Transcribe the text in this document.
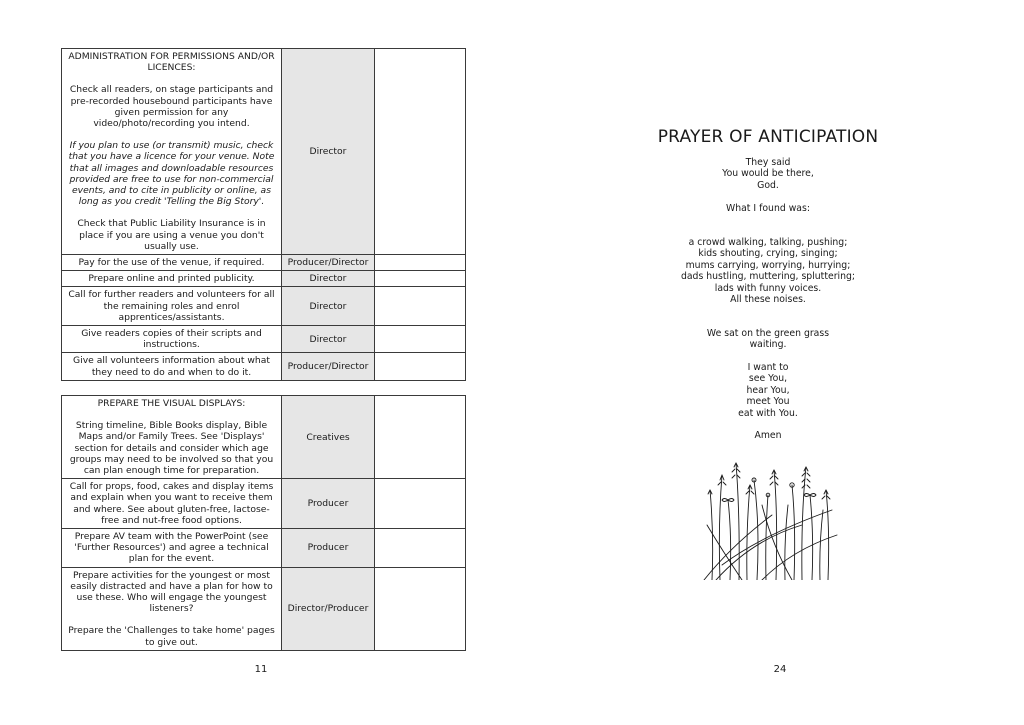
ADMINISTRATION FOR PERMISSIONS AND/OR LICENCES:

Check all readers, on stage participants and pre-recorded housebound participants have given permission for any video/photo/recording you intend.

If you plan to use (or transmit) music, check that you have a licence for your venue. Note that all images and downloadable resources provided are free to use for non-commercial events, and to cite in publicity or online, as long as you credit 'Telling the Big Story'.

Check that Public Liability Insurance is in place if you are using a venue you don't usually use.	Director	

Pay for the use of the venue, if required.	Producer/Director	

Prepare online and printed publicity.	Director	

Call for further readers and volunteers for all the remaining roles and enrol apprentices/assistants.	Director	

Give readers copies of their scripts and instructions.	Director	

Give all volunteers information about what they need to do and when to do it.	Producer/Director	

PREPARE THE VISUAL DISPLAYS:

String timeline, Bible Books display, Bible Maps and/or Family Trees. See 'Displays' section for details and consider which age groups may need to be involved so that you can plan enough time for preparation.	Creatives	

Call for props, food, cakes and display items and explain when you want to receive them and where. See about gluten-free, lactose-free and nut-free food options.	Producer	

Prepare AV team with the PowerPoint (see 'Further Resources') and agree a technical plan for the event.	Producer	

Prepare activities for the youngest or most easily distracted and have a plan for how to use these. Who will engage the youngest listeners?

Prepare the 'Challenges to take home' pages to give out.	Director/Producer	
11
PRAYER OF ANTICIPATION

They said
You would be there,
God.

What I found was:

a crowd walking, talking, pushing;
kids shouting, crying, singing;
mums carrying, worrying, hurrying;
dads hustling, muttering, spluttering;
lads with funny voices.
All these noises.

We sat on the green grass
waiting.

I want to
see You,
hear You,
meet You
eat with You.

Amen

24
